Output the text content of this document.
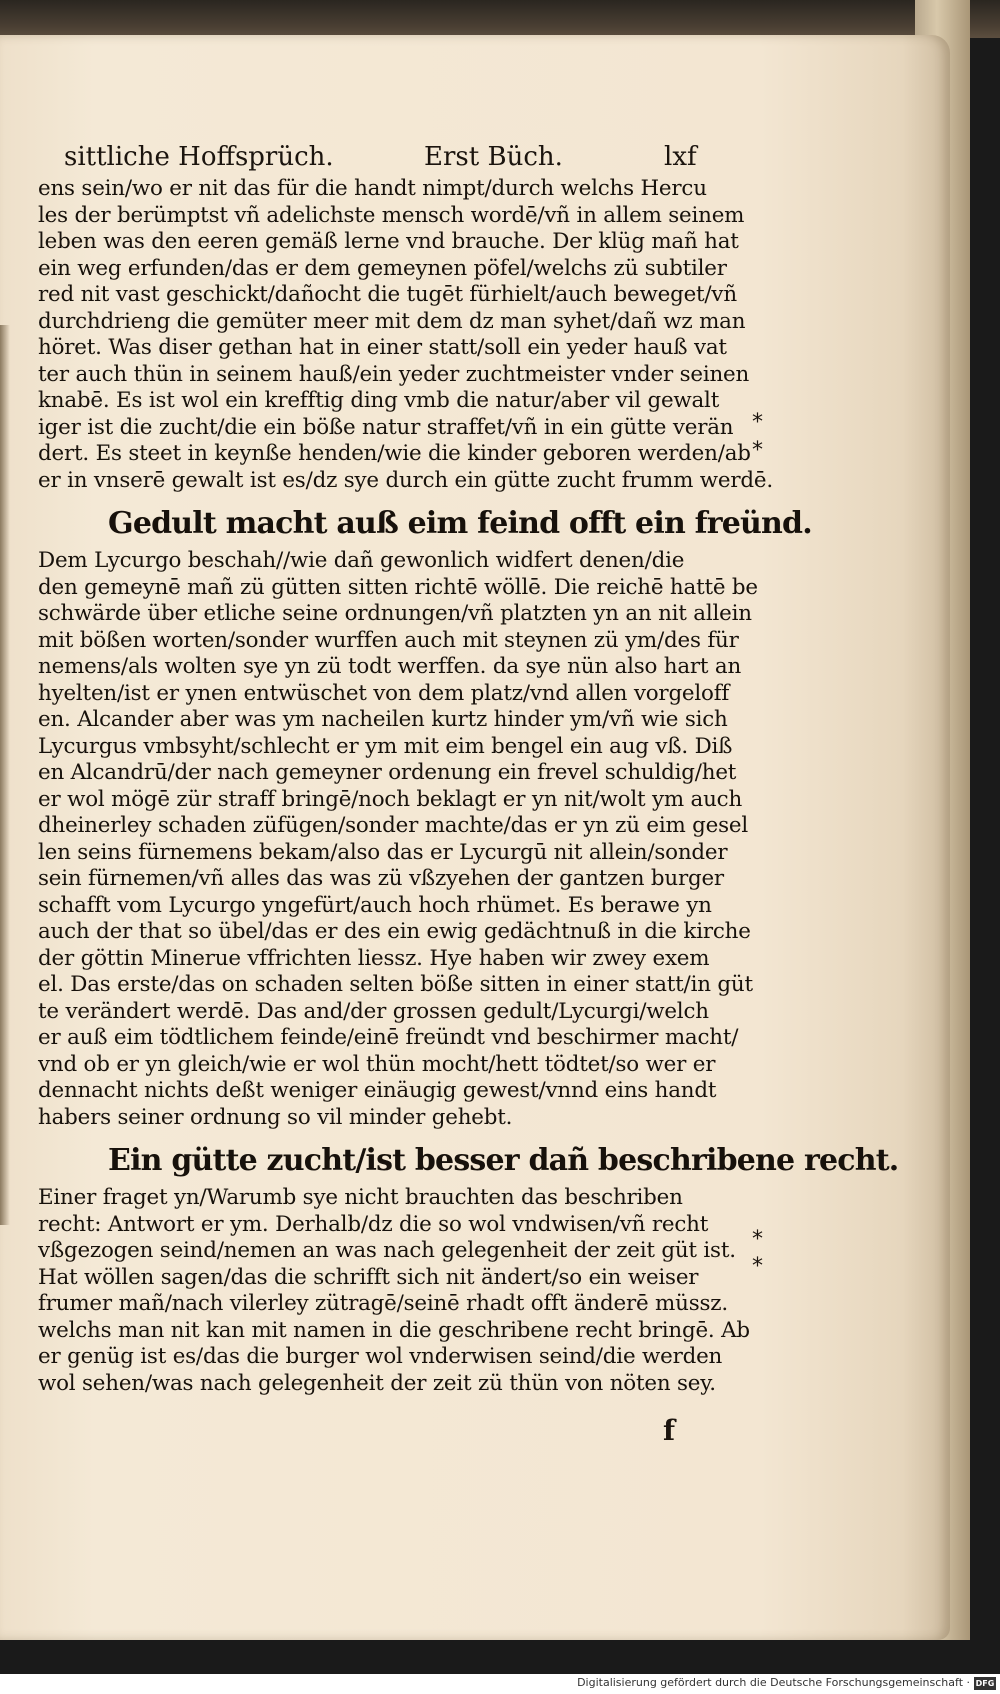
sittliche Hoffsprüch.	Erst Büch.	lxf
ens sein/wo er nit das für die handt nimpt/durch welchs Hercu
les der berümptst vñ adelichste mensch wordē/vñ in allem seinem
leben was den eeren gemäß lerne vnd brauche. Der klüg mañ hat
ein weg erfunden/das er dem gemeynen pöfel/welchs zü subtiler
red nit vast geschickt/dañocht die tugēt fürhielt/auch beweget/vñ
durchdrieng die gemüter meer mit dem dz man syhet/dañ wz man
höret. Was diser gethan hat in einer statt/soll ein yeder hauß vat
ter auch thün in seinem hauß/ein yeder zuchtmeister vnder seinen
knabē. Es ist wol ein krefftig ding vmb die natur/aber vil gewalt
iger ist die zucht/die ein böße natur straffet/vñ in ein gütte verän
dert. Es steet in keynße henden/wie die kinder geboren werden/ab
er in vnserē gewalt ist es/dz sye durch ein gütte zucht frumm werdē.
Gedult macht auß eim feind offt ein freünd.
Dem Lycurgo beschah//wie dañ gewonlich widfert denen/die
den gemeynē mañ zü gütten sitten richtē wöllē. Die reichē hattē be
schwärde über etliche seine ordnungen/vñ platzten yn an nit allein
mit bößen worten/sonder wurffen auch mit steynen zü ym/des für
nemens/als wolten sye yn zü todt werffen. da sye nün also hart an
hyelten/ist er ynen entwüschet von dem platz/vnd allen vorgeloff
en. Alcander aber was ym nacheilen kurtz hinder ym/vñ wie sich
Lycurgus vmbsyht/schlecht er ym mit eim bengel ein aug vß. Diß
en Alcandrū/der nach gemeyner ordenung ein frevel schuldig/het
er wol mögē zür straff bringē/noch beklagt er yn nit/wolt ym auch
dheinerley schaden züfügen/sonder machte/das er yn zü eim gesel
len seins fürnemens bekam/also das er Lycurgū nit allein/sonder
sein fürnemen/vñ alles das was zü vßzyehen der gantzen burger
schafft vom Lycurgo yngefürt/auch hoch rhümet. Es berawe yn
auch der that so übel/das er des ein ewig gedächtnuß in die kirche
der göttin Minerue vffrichten liessz. Hye haben wir zwey exem
el. Das erste/das on schaden selten böße sitten in einer statt/in güt
te verändert werdē. Das and/der grossen gedult/Lycurgi/welch
er auß eim tödtlichem feinde/einē freündt vnd beschirmer macht/
vnd ob er yn gleich/wie er wol thün mocht/hett tödtet/so wer er
dennacht nichts deßt weniger einäugig gewest/vnnd eins handt
habers seiner ordnung so vil minder gehebt.
Ein gütte zucht/ist besser dañ beschribene recht.
Einer fraget yn/Warumb sye nicht brauchten das beschriben
recht: Antwort er ym. Derhalb/dz die so wol vndwisen/vñ recht
vßgezogen seind/nemen an was nach gelegenheit der zeit güt ist.
Hat wöllen sagen/das die schrifft sich nit ändert/so ein weiser
frumer mañ/nach vilerley zütragē/seinē rhadt offt änderē müssz.
welchs man nit kan mit namen in die geschribene recht bringē. Ab
er genüg ist es/das die burger wol vnderwisen seind/die werden
wol sehen/was nach gelegenheit der zeit zü thün von nöten sey.
*
*
*
*
f
Digitalisierung gefördert durch die Deutsche Forschungsgemeinschaft · DFG
